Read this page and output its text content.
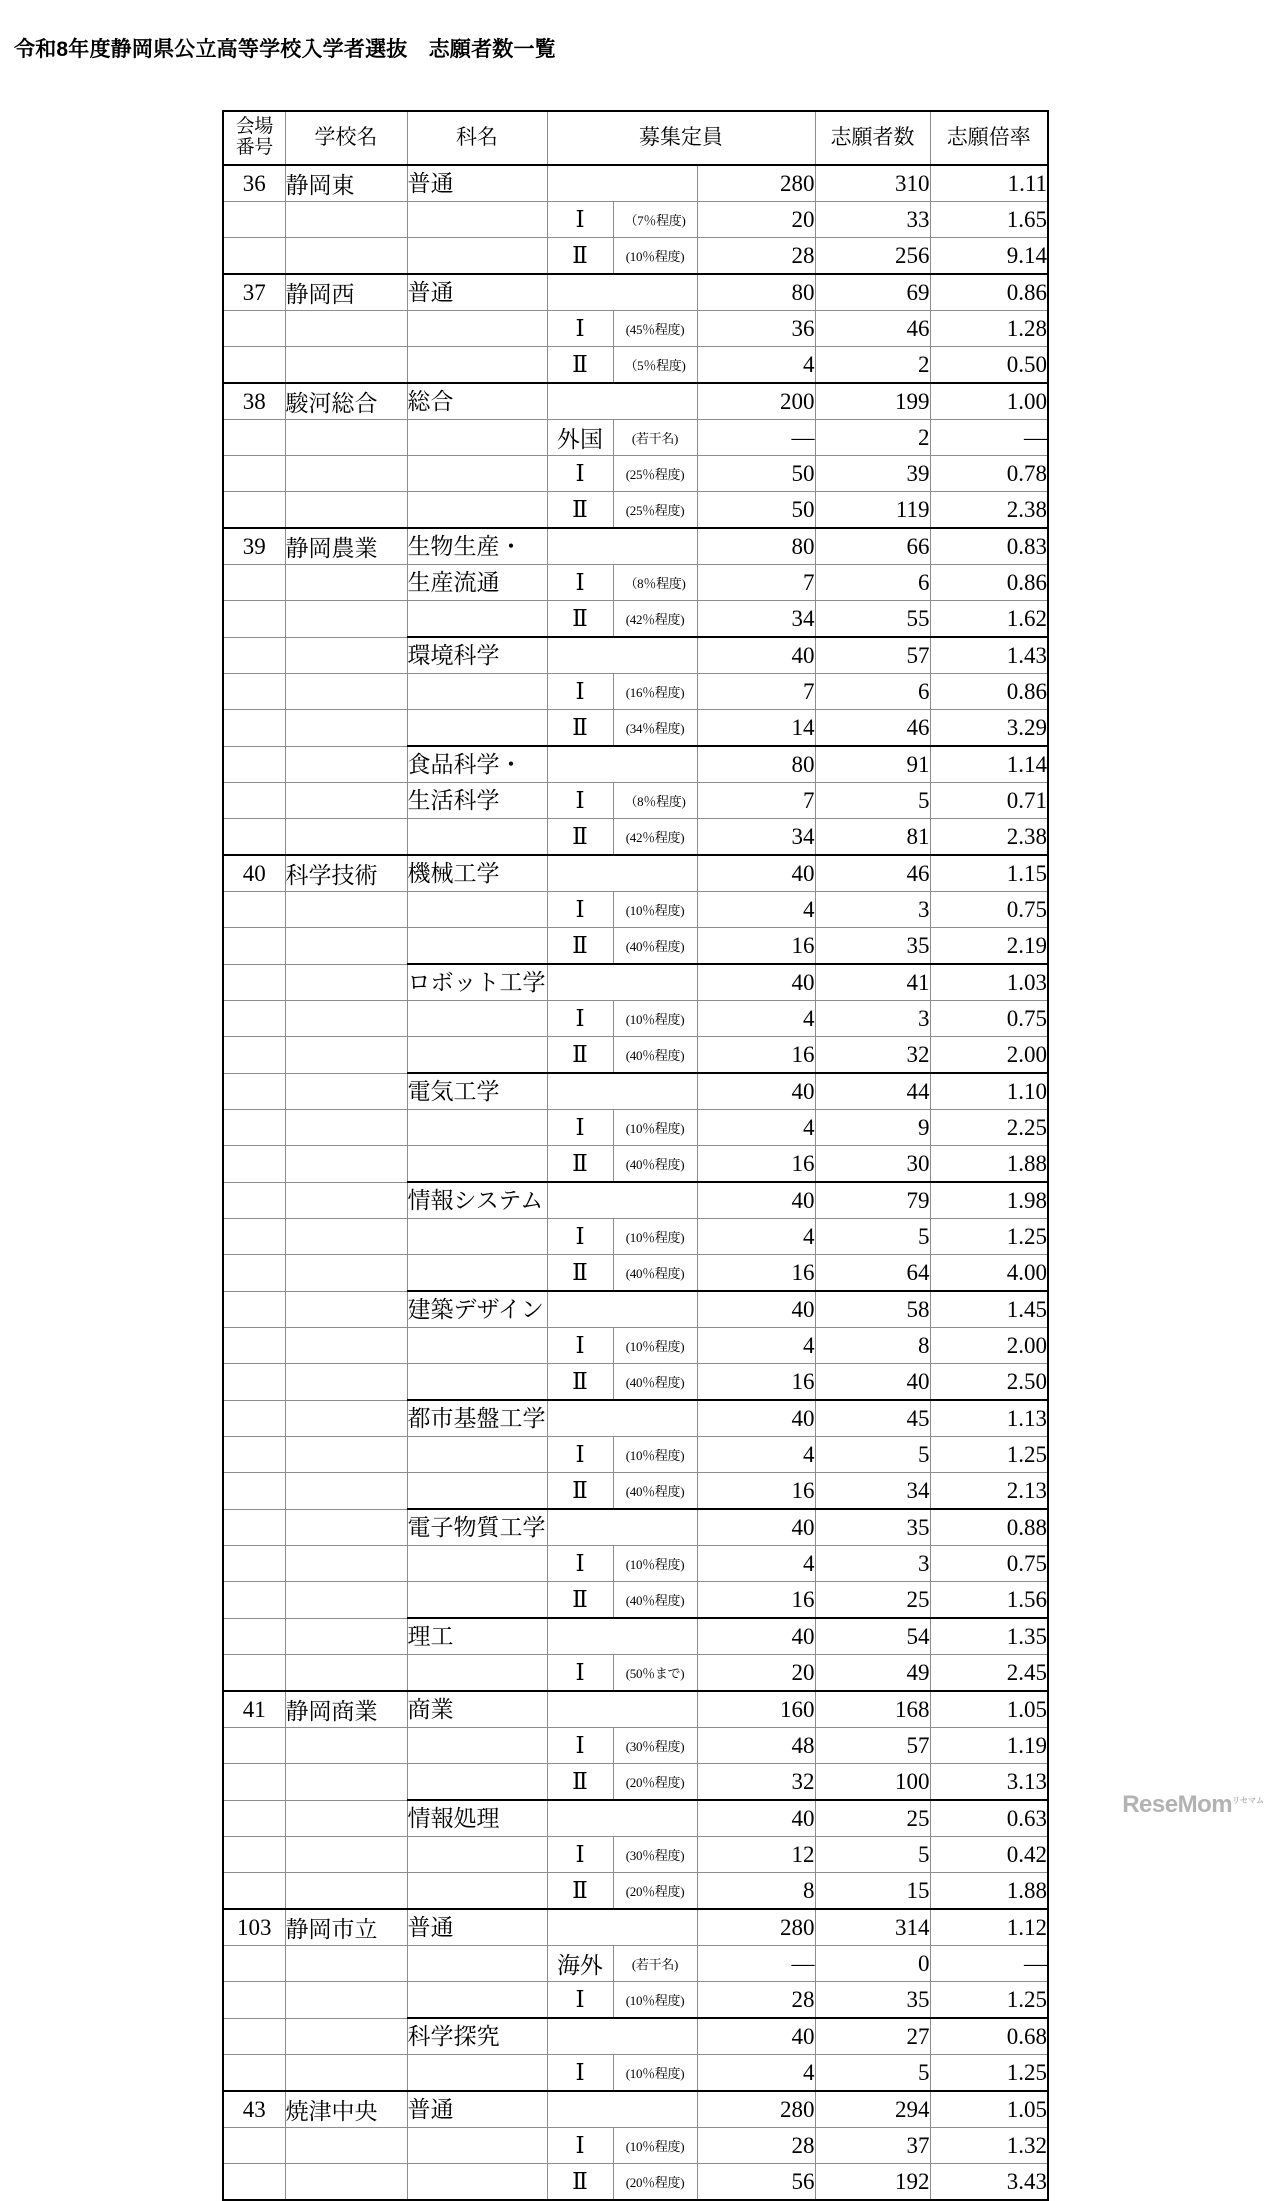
令和8年度静岡県公立高等学校入学者選抜　志願者数一覧
会場
番号	学校名	科名	募集定員			志願者数	志願倍率
36	静岡東	普通			280	310	1.11
			Ⅰ	（7％程度)	20	33	1.65
			Ⅱ	(10％程度)	28	256	9.14
37	静岡西	普通			80	69	0.86
			Ⅰ	(45％程度)	36	46	1.28
			Ⅱ	（5％程度)	4	2	0.50
38	駿河総合	総合			200	199	1.00
			外国	(若干名)	―	2	―
			Ⅰ	(25％程度)	50	39	0.78
			Ⅱ	(25％程度)	50	119	2.38
39	静岡農業	生物生産・			80	66	0.83
		生産流通	Ⅰ	（8％程度)	7	6	0.86
			Ⅱ	(42％程度)	34	55	1.62
		環境科学			40	57	1.43
			Ⅰ	(16％程度)	7	6	0.86
			Ⅱ	(34％程度)	14	46	3.29
		食品科学・			80	91	1.14
		生活科学	Ⅰ	（8％程度)	7	5	0.71
			Ⅱ	(42％程度)	34	81	2.38
40	科学技術	機械工学			40	46	1.15
			Ⅰ	(10％程度)	4	3	0.75
			Ⅱ	(40％程度)	16	35	2.19
		ロボット工学			40	41	1.03
			Ⅰ	(10％程度)	4	3	0.75
			Ⅱ	(40％程度)	16	32	2.00
		電気工学			40	44	1.10
			Ⅰ	(10％程度)	4	9	2.25
			Ⅱ	(40％程度)	16	30	1.88
		情報システム			40	79	1.98
			Ⅰ	(10％程度)	4	5	1.25
			Ⅱ	(40％程度)	16	64	4.00
		建築デザイン			40	58	1.45
			Ⅰ	(10％程度)	4	8	2.00
			Ⅱ	(40％程度)	16	40	2.50
		都市基盤工学			40	45	1.13
			Ⅰ	(10％程度)	4	5	1.25
			Ⅱ	(40％程度)	16	34	2.13
		電子物質工学			40	35	0.88
			Ⅰ	(10％程度)	4	3	0.75
			Ⅱ	(40％程度)	16	25	1.56
		理工			40	54	1.35
			Ⅰ	(50％まで)	20	49	2.45
41	静岡商業	商業			160	168	1.05
			Ⅰ	(30％程度)	48	57	1.19
			Ⅱ	(20％程度)	32	100	3.13
		情報処理			40	25	0.63
			Ⅰ	(30％程度)	12	5	0.42
			Ⅱ	(20％程度)	8	15	1.88
103	静岡市立	普通			280	314	1.12
			海外	(若干名)	―	0	―
			Ⅰ	(10％程度)	28	35	1.25
		科学探究			40	27	0.68
			Ⅰ	(10％程度)	4	5	1.25
43	焼津中央	普通			280	294	1.05
			Ⅰ	(10％程度)	28	37	1.32
			Ⅱ	(20％程度)	56	192	3.43
ReseMom$^{リセマム}$
